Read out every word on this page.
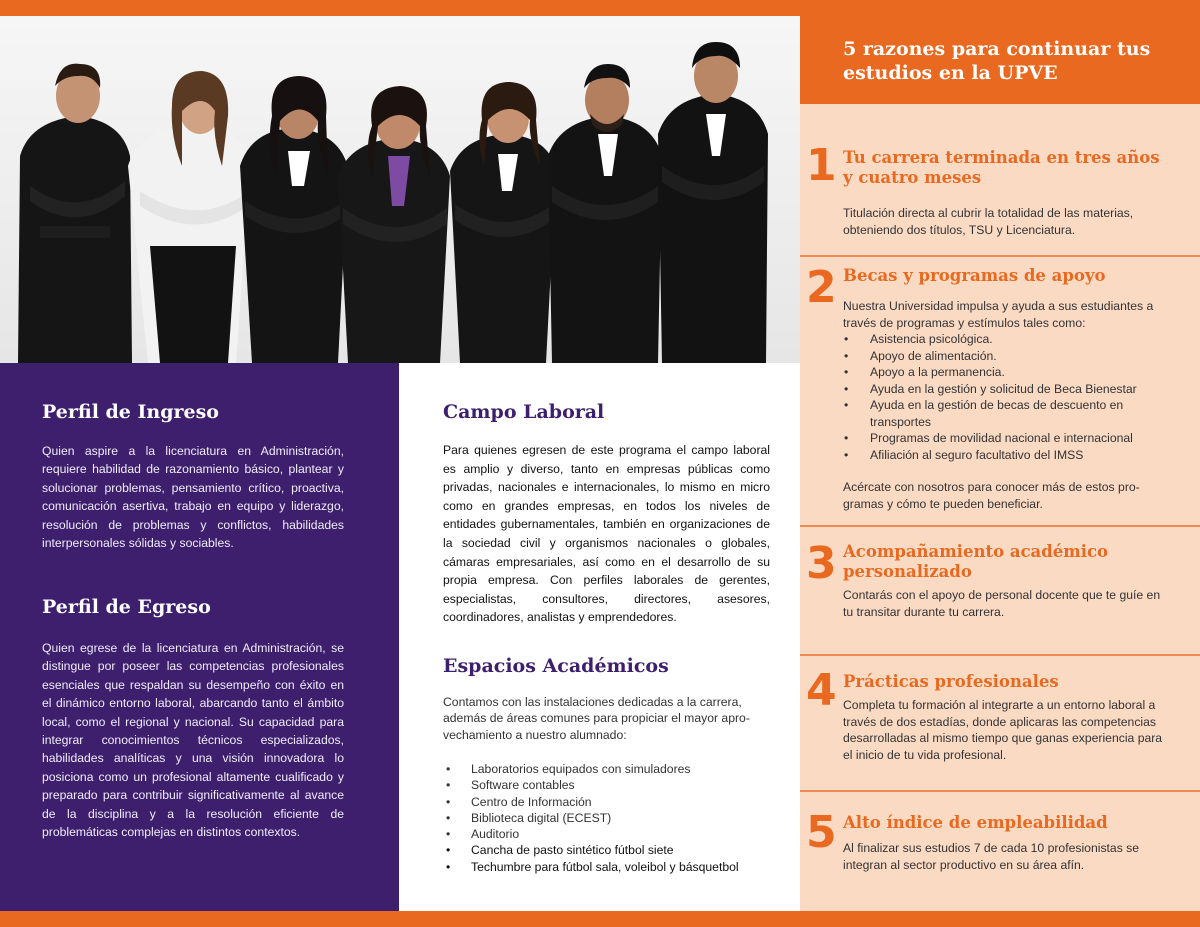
Perfil de Ingreso

Quien aspire a la licenciatura en Administración, requiere habilidad de razonamiento básico, plantear y solucionar problemas, pensamiento crítico, proactiva, comunicación asertiva, trabajo en equipo y liderazgo, resolución de problemas y conflictos, habilidades interpersonales sólidas y sociables.

Perfil de Egreso

Quien egrese de la licenciatura en Administración, se distingue por poseer las competencias profesionales esenciales que respaldan su desempeño con éxito en el dinámico entorno laboral, abarcando tanto el ámbito local, como el regional y nacional. Su capacidad para integrar conocimientos técnicos especializados, habilidades analíticas y una visión innovadora lo posiciona como un profesional altamente cualificado y preparado para contribuir significativamente al avance de la disciplina y a la resolución eficiente de problemáticas complejas en distintos contextos.

Campo Laboral

Para quienes egresen de este programa el campo laboral es amplio y diverso, tanto en empresas públicas como privadas, nacionales e internacionales, lo mismo en micro como en grandes empresas, en todos los niveles de entidades gubernamentales, también en organizaciones de la sociedad civil y organismos nacionales o globales, cámaras empresariales, así como en el desarrollo de su propia empresa. Con perfiles laborales de gerentes, especialistas, consultores, directores, asesores, coordinadores, analistas y emprendedores.

Espacios Académicos

Contamos con las instalaciones dedicadas a la carrera, además de áreas comunes para propiciar el mayor apro-vechamiento a nuestro alumnado:

• Laboratorios equipados con simuladores
• Software contables
• Centro de Información
• Biblioteca digital (ECEST)
• Auditorio
• Cancha de pasto sintético fútbol siete
• Techumbre para fútbol sala, voleibol y básquetbol
5 razones para continuar tus estudios en la UPVE
1 Tu carrera terminada en tres años y cuatro meses

Titulación directa al cubrir la totalidad de las materias, obteniendo dos títulos, TSU y Licenciatura.

2 Becas y programas de apoyo

Nuestra Universidad impulsa y ayuda a sus estudiantes a través de programas y estímulos tales como:

• Asistencia psicológica.
• Apoyo de alimentación.
• Apoyo a la permanencia.
• Ayuda en la gestión y solicitud de Beca Bienestar
• Ayuda en la gestión de becas de descuento en transportes
• Programas de movilidad nacional e internacional
• Afiliación al seguro facultativo del IMSS

Acércate con nosotros para conocer más de estos pro-gramas y cómo te pueden beneficiar.

3 Acompañamiento académico personalizado

Contarás con el apoyo de personal docente que te guíe en tu transitar durante tu carrera.

4 Prácticas profesionales

Completa tu formación al integrarte a un entorno laboral a través de dos estadías, donde aplicaras las competencias desarrolladas al mismo tiempo que ganas experiencia para el inicio de tu vida profesional.

5 Alto índice de empleabilidad

Al finalizar sus estudios 7 de cada 10 profesionistas se integran al sector productivo en su área afín.
